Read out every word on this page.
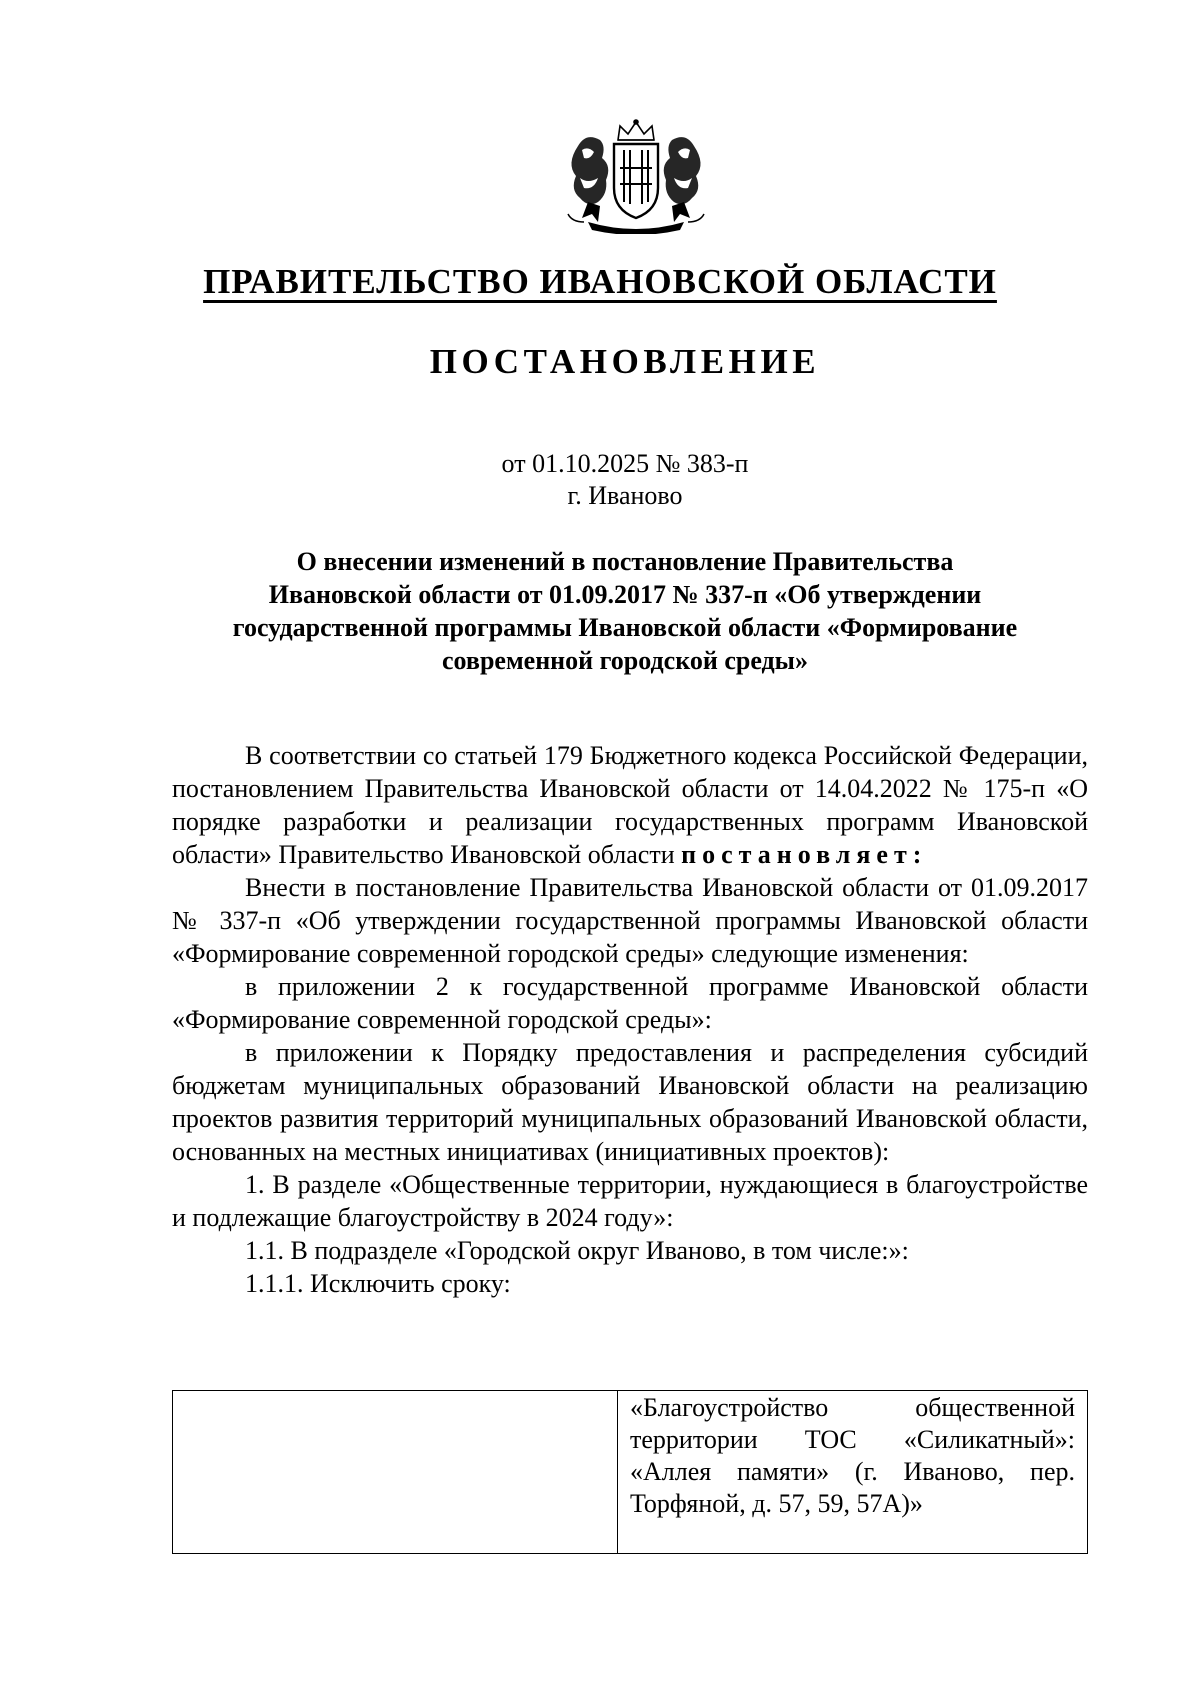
ПРАВИТЕЛЬСТВО ИВАНОВСКОЙ ОБЛАСТИ
ПОСТАНОВЛЕНИЕ
от 01.10.2025 № 383-п
г. Иваново
О внесении изменений в постановление Правительства
Ивановской области от 01.09.2017 № 337-п «Об утверждении
государственной программы Ивановской области «Формирование
современной городской среды»

В соответствии со статьей 179 Бюджетного кодекса Российской Федерации, постановлением Правительства Ивановской области от 14.04.2022 № 175-п «О порядке разработки и реализации государственных программ Ивановской области» Правительство Ивановской области постановляет:

Внести в постановление Правительства Ивановской области от 01.09.2017 № 337-п «Об утверждении государственной программы Ивановской области «Формирование современной городской среды» следующие изменения:

в приложении 2 к государственной программе Ивановской области «Формирование современной городской среды»:

в приложении к Порядку предоставления и распределения субсидий бюджетам муниципальных образований Ивановской области на реализацию проектов развития территорий муниципальных образований Ивановской области, основанных на местных инициативах (инициативных проектов):

1. В разделе «Общественные территории, нуждающиеся в благоустройстве и подлежащие благоустройству в 2024 году»:

1.1. В подразделе «Городской округ Иваново, в том числе:»:

1.1.1. Исключить сроку:

	«Благоустройство общественной территории ТОС «Силикатный»: «Аллея памяти» (г. Иваново, пер. Торфяной, д. 57, 59, 57А)»
